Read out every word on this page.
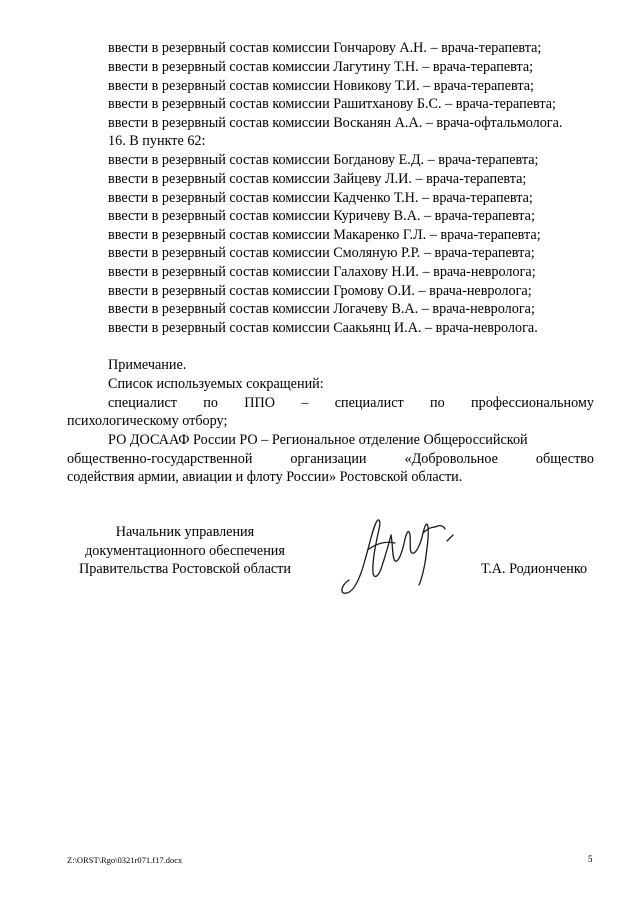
ввести в резервный состав комиссии Гончарову А.Н. – врача-терапевта;
ввести в резервный состав комиссии Лагутину Т.Н. – врача-терапевта;
ввести в резервный состав комиссии Новикову Т.И. – врача-терапевта;
ввести в резервный состав комиссии Рашитханову Б.С. – врача-терапевта;
ввести в резервный состав комиссии Восканян А.А. – врача-офтальмолога.
16. В пункте 62:
ввести в резервный состав комиссии Богданову Е.Д. – врача-терапевта;
ввести в резервный состав комиссии Зайцеву Л.И. – врача-терапевта;
ввести в резервный состав комиссии Кадченко Т.Н. – врача-терапевта;
ввести в резервный состав комиссии Куричеву В.А. – врача-терапевта;
ввести в резервный состав комиссии Макаренко Г.Л. – врача-терапевта;
ввести в резервный состав комиссии Смоляную Р.Р. – врача-терапевта;
ввести в резервный состав комиссии Галахову Н.И. – врача-невролога;
ввести в резервный состав комиссии Громову О.И. – врача-невролога;
ввести в резервный состав комиссии Логачеву В.А. – врача-невролога;
ввести в резервный состав комиссии Саакьянц И.А. – врача-невролога.
Примечание.
Список используемых сокращений:
специалист по ППО – специалист по профессиональному
психологическому отбору;
РО ДОСААФ России РО – Региональное отделение Общероссийской
общественно-государственной	организации	«Добровольное	общество
содействия армии, авиации и флоту России» Ростовской области.
Начальник управления
документационного обеспечения
Правительства Ростовской области	Т.А. Родионченко
Z:\ORST\Rgo\0321r071.f17.docx	5
